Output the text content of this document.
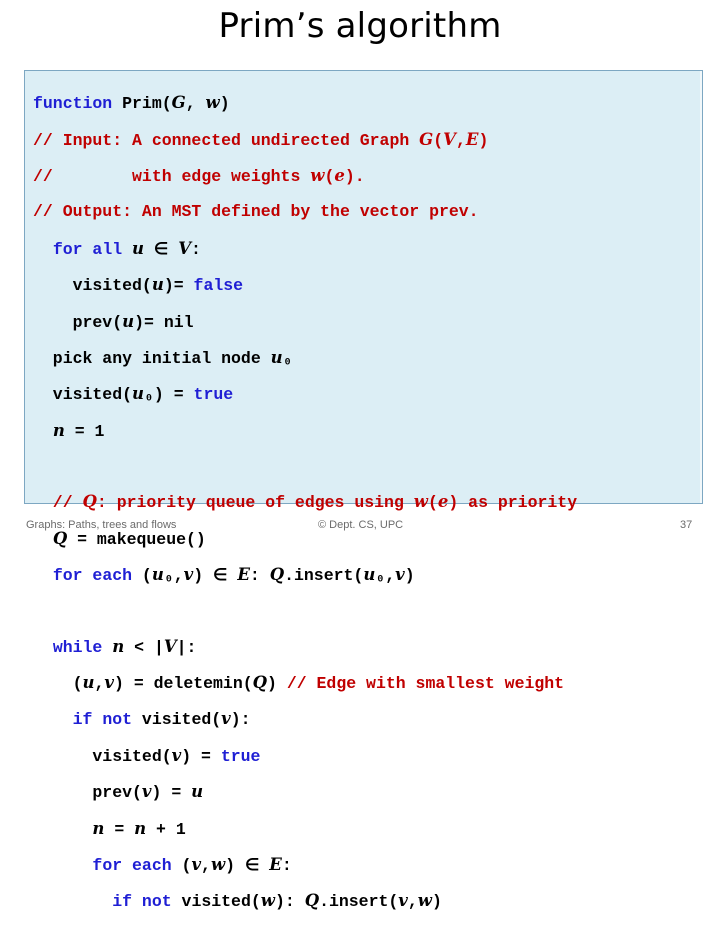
Prim’s algorithm

function Prim(G, w)

// Input: A connected undirected Graph G(V,E)

//        with edge weights w(e).

// Output: An MST defined by the vector prev.

for all u ∈ V:

visited(u)= false

prev(u)= nil

pick any initial node u₀

visited(u₀) = true

n = 1

// Q: priority queue of edges using w(e) as priority

Q = makequeue()

for each (u₀,v) ∈ E: Q.insert(u₀,v)

while n < |V|:

(u,v) = deletemin(Q) // Edge with smallest weight

if not visited(v):

visited(v) = true

prev(v) = u

n = n + 1

for each (v,w) ∈ E:

if not visited(w): Q.insert(v,w)

Graphs: Paths, trees and flows	© Dept. CS, UPC	37
